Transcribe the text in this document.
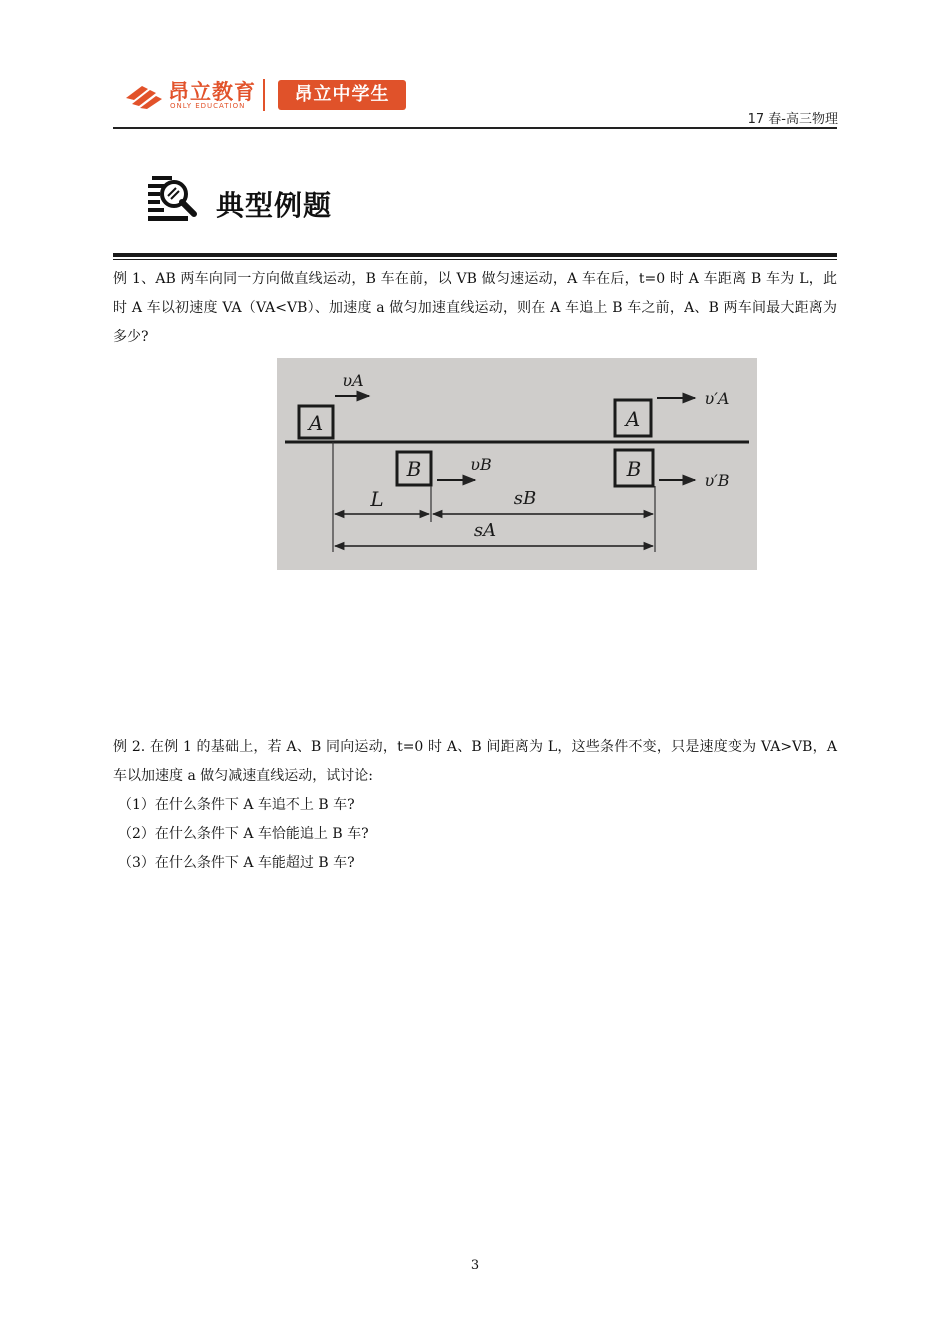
昂立教育
ONLY EDUCATION
昂立中学生
17 春-高三物理
典型例题
例 1、AB 两车向同一方向做直线运动，B 车在前，以 VB 做匀速运动，A 车在后，t=0 时 A 车距离 B 车为 L，此时 A 车以初速度 VA（VA<VB）、加速度 a 做匀加速直线运动，则在 A 车追上 B 车之前，A、B 两车间最大距离为多少?
A
υA
B	υB
A
υ′A
B	υ′B
L	sB
sA
例 2. 在例 1 的基础上，若 A、B 同向运动，t=0 时 A、B 间距离为 L，这些条件不变，只是速度变为 VA>VB，A 车以加速度 a 做匀减速直线运动，试讨论:
（1）在什么条件下 A 车追不上 B 车?
（2）在什么条件下 A 车恰能追上 B 车?
（3）在什么条件下 A 车能超过 B 车?
3
